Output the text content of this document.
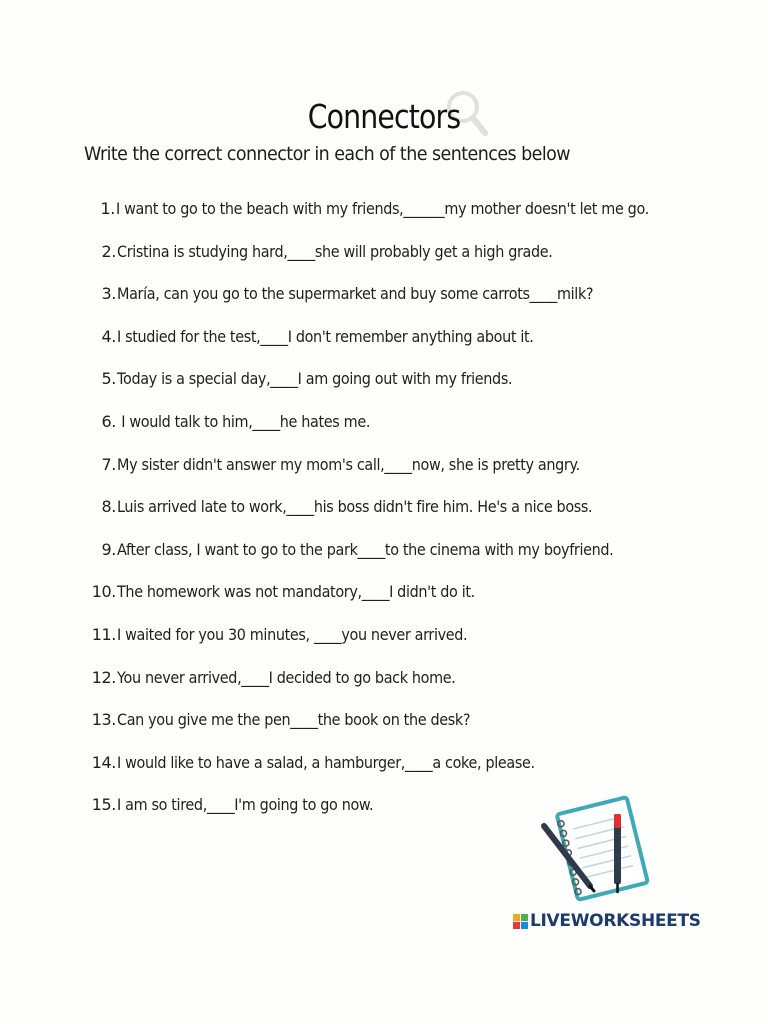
Connectors
Write the correct connector in each of the sentences below
1. I want to go to the beach with my friends,______my mother doesn't let me go.
2. Cristina is studying hard,____she will probably get a high grade.
3. María, can you go to the supermarket and buy some carrots____milk?
4. I studied for the test,____I don't remember anything about it.
5. Today is a special day,____I am going out with my friends.
6. I would talk to him,____he hates me.
7. My sister didn't answer my mom's call,____now, she is pretty angry.
8. Luis arrived late to work,____his boss didn't fire him. He's a nice boss.
9. After class, I want to go to the park____to the cinema with my boyfriend.
10. The homework was not mandatory,____I didn't do it.
11. I waited for you 30 minutes, ____you never arrived.
12. You never arrived,____I decided to go back home.
13. Can you give me the pen____the book on the desk?
14. I would like to have a salad, a hamburger,____a coke, please.
15. I am so tired,____I'm going to go now.
LIVEWORKSHEETS
